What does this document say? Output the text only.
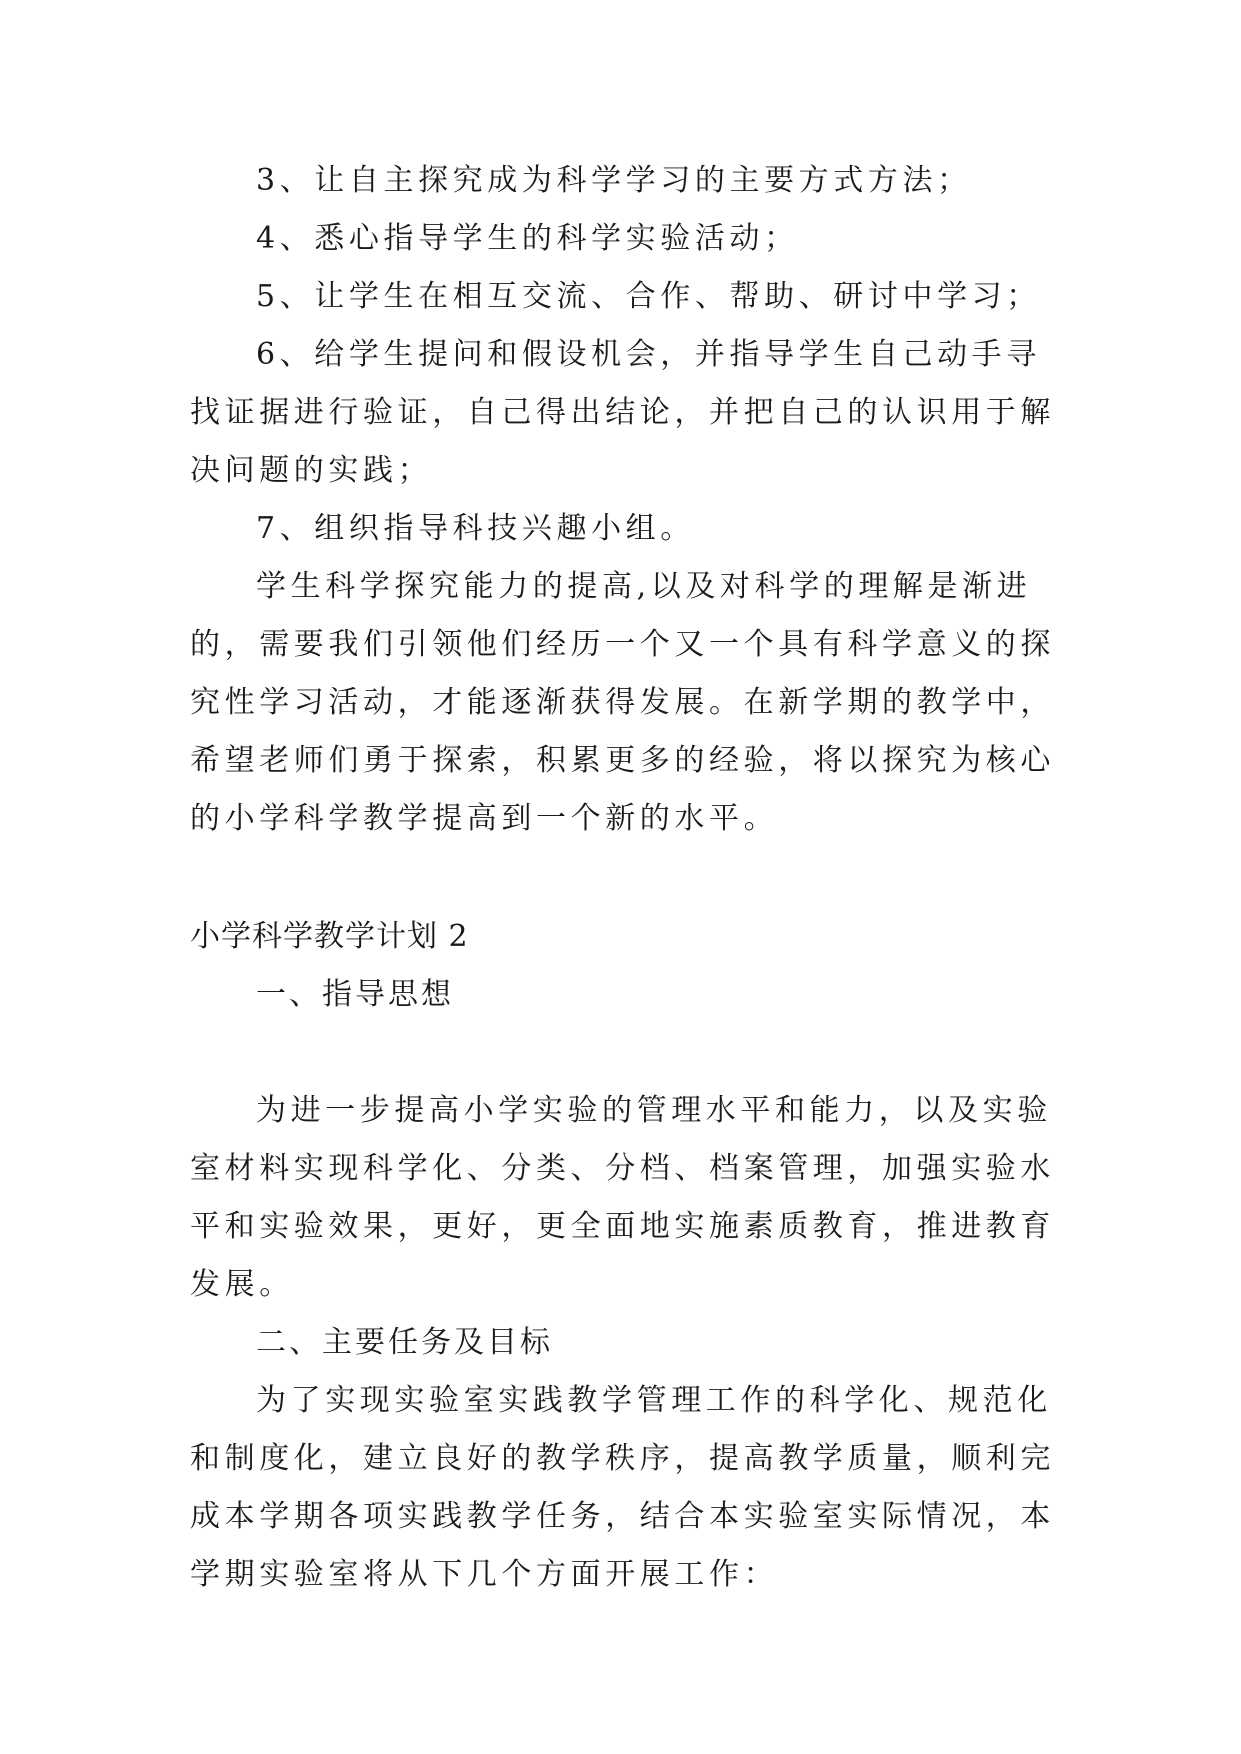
3、让自主探究成为科学学习的主要方式方法；

4、悉心指导学生的科学实验活动；

5、让学生在相互交流、合作、帮助、研讨中学习；

6、给学生提问和假设机会，并指导学生自己动手寻找证据进行验证，自己得出结论，并把自己的认识用于解决问题的实践；

7、组织指导科技兴趣小组。

学生科学探究能力的提高,以及对科学的理解是渐进的，需要我们引领他们经历一个又一个具有科学意义的探究性学习活动，才能逐渐获得发展。在新学期的教学中，希望老师们勇于探索，积累更多的经验，将以探究为核心的小学科学教学提高到一个新的水平。

小学科学教学计划 2

一、指导思想

为进一步提高小学实验的管理水平和能力，以及实验室材料实现科学化、分类、分档、档案管理，加强实验水平和实验效果，更好，更全面地实施素质教育，推进教育发展。

二、主要任务及目标

为了实现实验室实践教学管理工作的科学化、规范化和制度化，建立良好的教学秩序，提高教学质量，顺利完成本学期各项实践教学任务，结合本实验室实际情况，本学期实验室将从下几个方面开展工作：
